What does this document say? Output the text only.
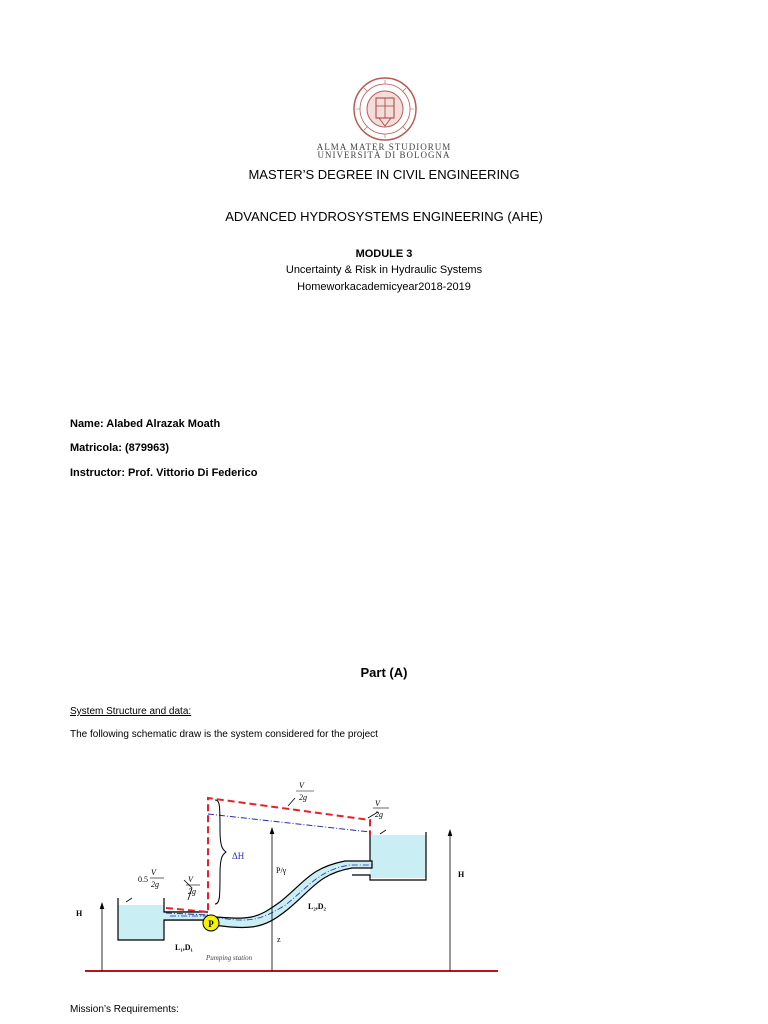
ALMA MATER STUDIORUM
UNIVERSITÀ DI BOLOGNA
MASTER’S DEGREE IN CIVIL ENGINEERING
ADVANCED HYDROSYSTEMS ENGINEERING (AHE)
MODULE 3
Uncertainty & Risk in Hydraulic Systems
Homeworkacademicyear2018-2019
Name: Alabed Alrazak Moath
Matricola: (879963)
Instructor: Prof. Vittorio Di Federico
Part (A)
System Structure and data:
The following schematic draw is the system considered for the project
P
V
2g
V
2g
0.5
V
2g
V
2g
ΔH
P/γ
H
H
L₂,D₂
L₁,D₁
z
Pumping station
Mission’s Requirements:
